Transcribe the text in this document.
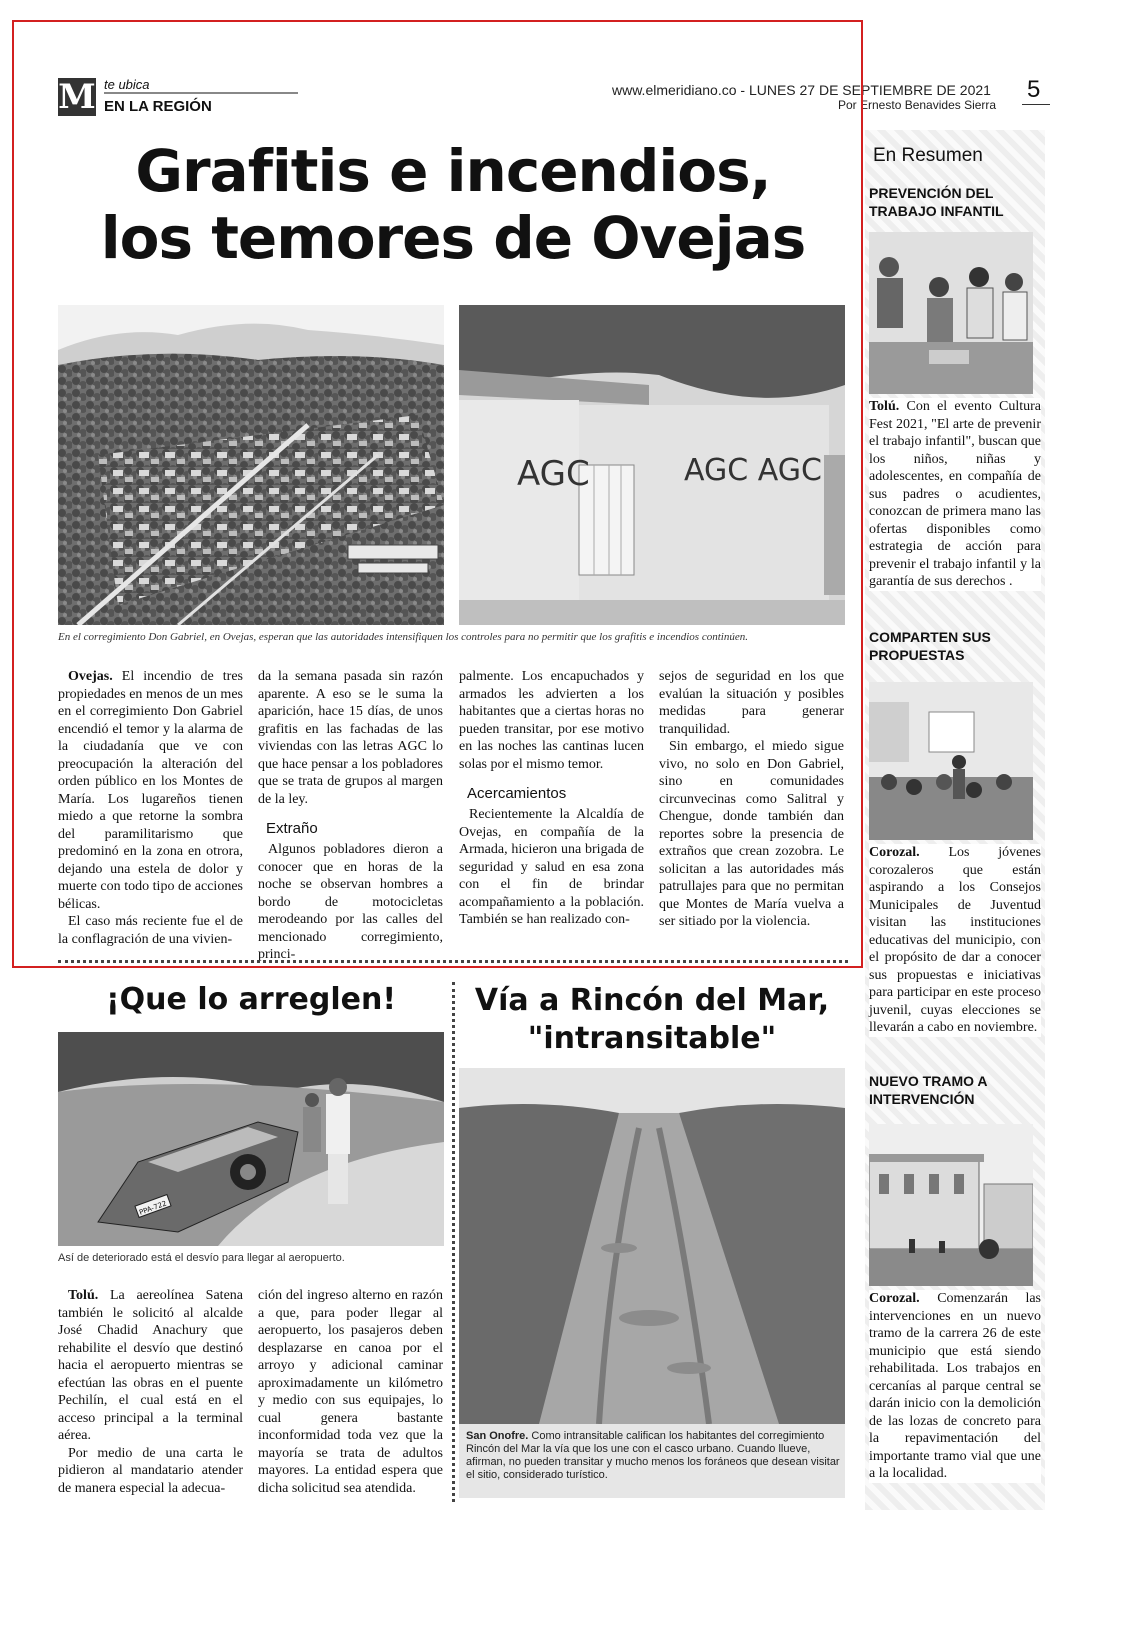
M te ubica
EN LA REGIÓN
www.elmeridiano.co - LUNES 27 DE SEPTIEMBRE DE 2021
Por Ernesto Benavides Sierra
5
Grafitis e incendios,
los temores de Ovejas
AGC	AGC AGC
En el corregimiento Don Gabriel, en Ovejas, esperan que las autoridades intensifiquen los controles para no permitir que los grafitis e incendios continúen.

Ovejas. El incendio de tres propiedades en menos de un mes en el corregimiento Don Gabriel encendió el temor y la alarma de la ciudadanía que ve con preocupación la alteración del orden público en los Montes de María. Los lugareños tienen miedo a que retorne la sombra del paramilitarismo que predominó en la zona en otrora, dejando una estela de dolor y muerte con todo tipo de acciones bélicas.

El caso más reciente fue el de la conflagración de una vivien-

da la semana pasada sin razón aparente. A eso se le suma la aparición, hace 15 días, de unos grafitis en las fachadas de las viviendas con las letras AGC lo que hace pensar a los pobladores que se trata de grupos al margen de la ley.

Extraño

Algunos pobladores dieron a conocer que en horas de la noche se observan hombres a bordo de motocicletas merodeando por las calles del mencionado corregimiento, princi-

palmente. Los encapuchados y armados les advierten a los habitantes que a ciertas horas no pueden transitar, por ese motivo en las noches las cantinas lucen solas por el mismo temor.

Acercamientos

Recientemente la Alcaldía de Ovejas, en compañía de la Armada, hicieron una brigada de seguridad y salud en esa zona con el fin de brindar acompañamiento a la población. También se han realizado con-

sejos de seguridad en los que evalúan la situación y posibles medidas para generar tranquilidad.

Sin embargo, el miedo sigue vivo, no solo en Don Gabriel, sino en comunidades circunvecinas como Salitral y Chengue, donde también dan reportes sobre la presencia de extraños que crean zozobra. Le solicitan a las autoridades más patrullajes para que no permitan que Montes de María vuelva a ser sitiado por la violencia.

¡Que lo arreglen!
PPA-722
Así de deteriorado está el desvío para llegar al aeropuerto.

Tolú. La aereolínea Satena también le solicitó al alcalde José Chadid Anachury que rehabilite el desvío que destinó hacia el aeropuerto mientras se efectúan las obras en el puente Pechilín, el cual está en el acceso principal a la terminal aérea.

Por medio de una carta le pidieron al mandatario atender de manera especial la adecua-

ción del ingreso alterno en razón a que, para poder llegar al aeropuerto, los pasajeros deben desplazarse en canoa por el arroyo y adicional caminar aproximadamente un kilómetro y medio con sus equipajes, lo cual genera bastante inconformidad toda vez que la mayoría se trata de adultos mayores. La entidad espera que dicha solicitud sea atendida.

Vía a Rincón del Mar,
"intransitable"
San Onofre. Como intransitable califican los habitantes del corregimiento Rincón del Mar la vía que los une con el casco urbano. Cuando llueve, afirman, no pueden transitar y mucho menos los foráneos que desean visitar el sitio, considerado turístico.
En Resumen
PREVENCIÓN DEL TRABAJO INFANTIL
Tolú. Con el evento Cultura Fest 2021, "El arte de prevenir el trabajo infantil", buscan que los niños, niñas y adolescentes, en compañía de sus padres o acudientes, conozcan de primera mano las ofertas disponibles como estrategia de acción para prevenir el trabajo infantil y la garantía de sus derechos .
COMPARTEN SUS PROPUESTAS
Corozal. Los jóvenes corozaleros que están aspirando a los Consejos Municipales de Juventud visitan las instituciones educativas del municipio, con el propósito de dar a conocer sus propuestas e iniciativas para participar en este proceso juvenil, cuyas elecciones se llevarán a cabo en noviembre.
NUEVO TRAMO A INTERVENCIÓN
Corozal. Comenzarán las intervenciones en un nuevo tramo de la carrera 26 de este municipio que está siendo rehabilitada. Los trabajos en cercanías al parque central se darán inicio con la demolición de las lozas de concreto para la repavimentación del importante tramo vial que une a la localidad.
